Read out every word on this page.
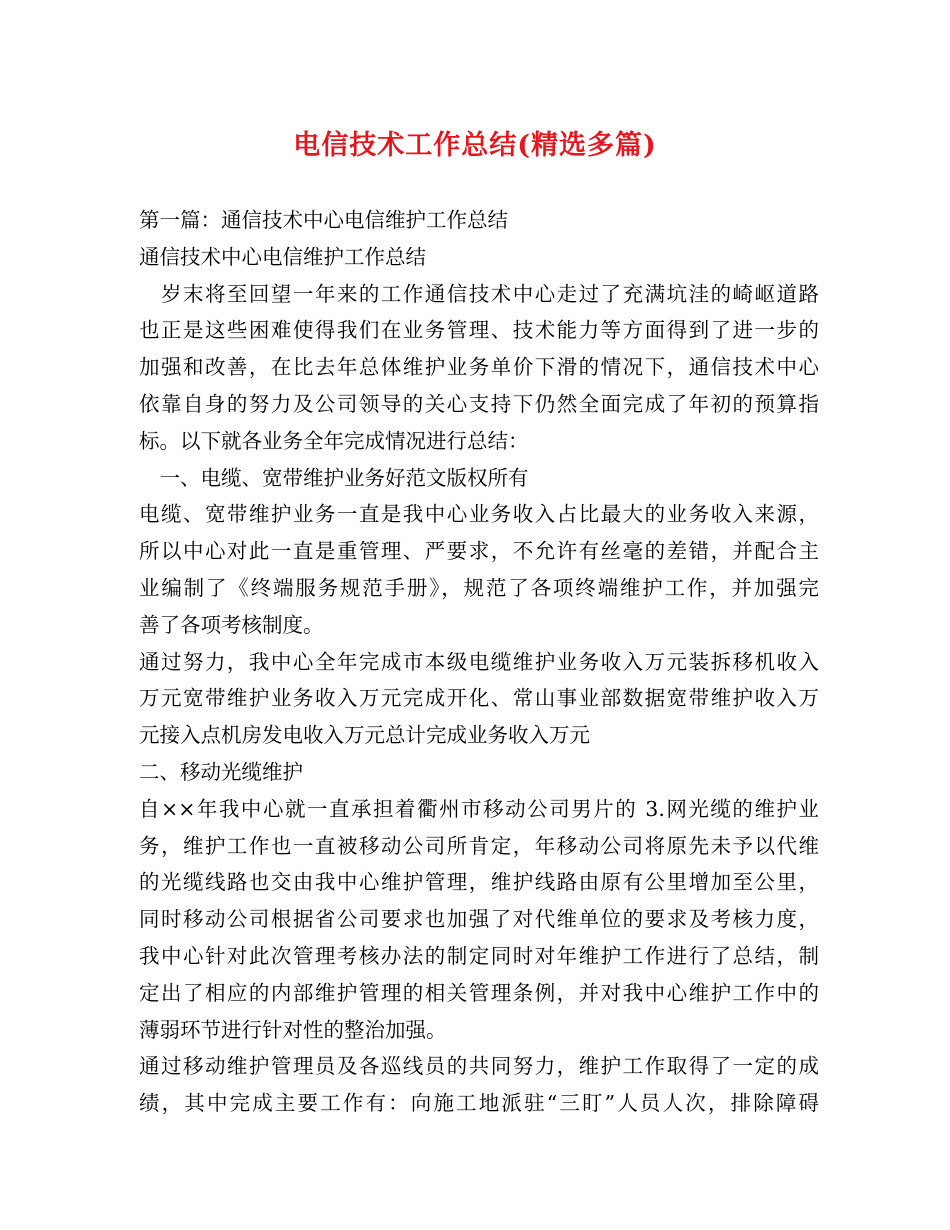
电信技术工作总结(精选多篇)
第一篇：通信技术中心电信维护工作总结
通信技术中心电信维护工作总结
　岁末将至回望一年来的工作通信技术中心走过了充满坑洼的崎岖道路
也正是这些困难使得我们在业务管理、技术能力等方面得到了进一步的
加强和改善，在比去年总体维护业务单价下滑的情况下，通信技术中心
依靠自身的努力及公司领导的关心支持下仍然全面完成了年初的预算指
标。以下就各业务全年完成情况进行总结：
　一、电缆、宽带维护业务好范文版权所有
电缆、宽带维护业务一直是我中心业务收入占比最大的业务收入来源，
所以中心对此一直是重管理、严要求，不允许有丝毫的差错，并配合主
业编制了《终端服务规范手册》，规范了各项终端维护工作，并加强完
善了各项考核制度。
通过努力，我中心全年完成市本级电缆维护业务收入万元装拆移机收入
万元宽带维护业务收入万元完成开化、常山事业部数据宽带维护收入万
元接入点机房发电收入万元总计完成业务收入万元
二、移动光缆维护
自××年我中心就一直承担着衢州市移动公司男片的 3.网光缆的维护业
务，维护工作也一直被移动公司所肯定，年移动公司将原先未予以代维
的光缆线路也交由我中心维护管理，维护线路由原有公里增加至公里，
同时移动公司根据省公司要求也加强了对代维单位的要求及考核力度，
我中心针对此次管理考核办法的制定同时对年维护工作进行了总结，制
定出了相应的内部维护管理的相关管理条例，并对我中心维护工作中的
薄弱环节进行针对性的整治加强。
通过移动维护管理员及各巡线员的共同努力，维护工作取得了一定的成
绩，其中完成主要工作有：向施工地派驻“三盯”人员人次，排除障碍
